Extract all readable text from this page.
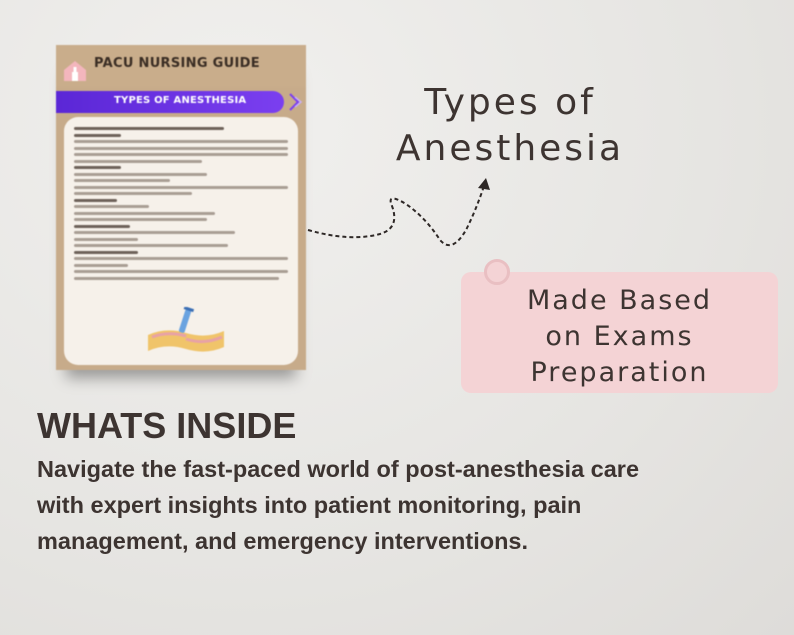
PACU NURSING GUIDE
TYPES OF ANESTHESIA	Types of
Anesthesia
Made Based
on Exams
Preparation
WHATS INSIDE
Navigate the fast-paced world of post-anesthesia care
with expert insights into patient monitoring, pain
management, and emergency interventions.
